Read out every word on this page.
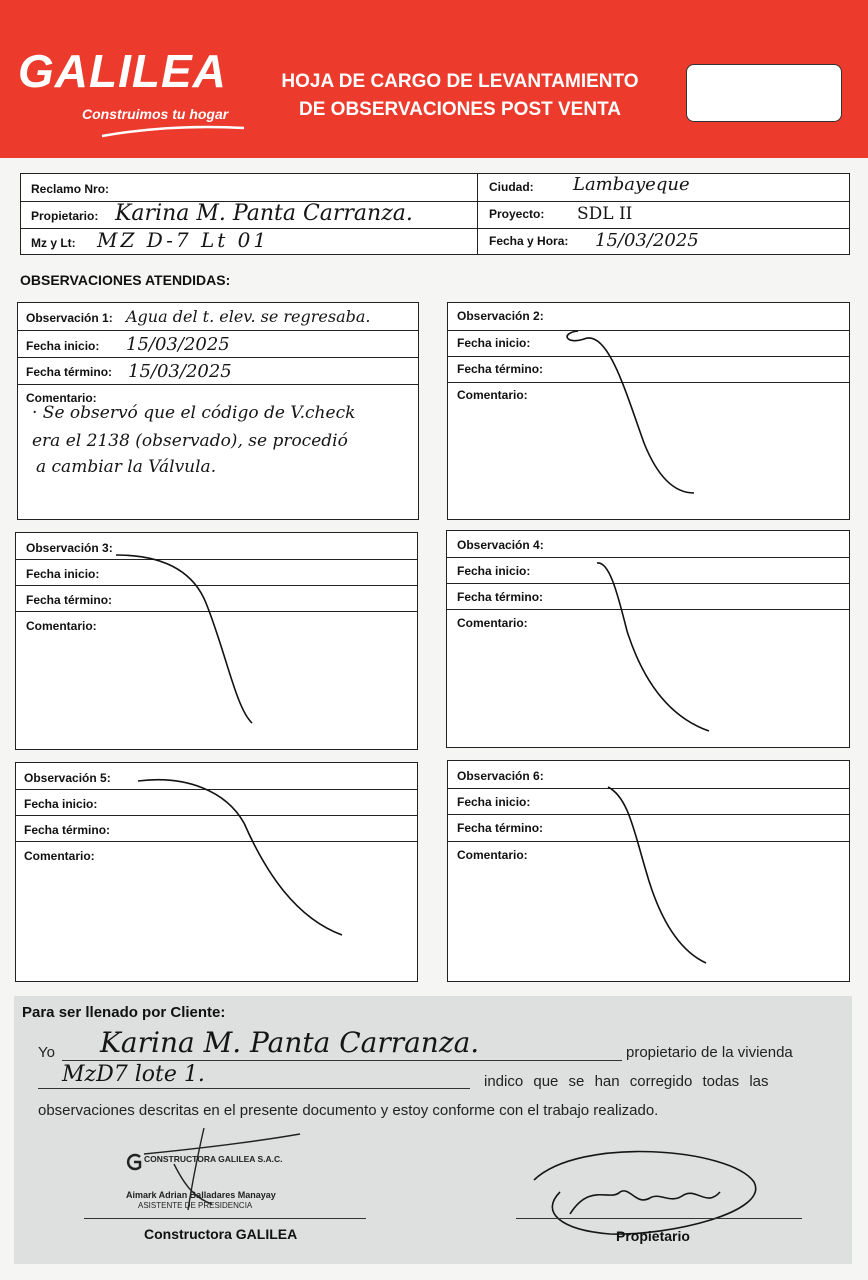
GALILEA
Construimos tu hogar
HOJA DE CARGO DE LEVANTAMIENTO
DE OBSERVACIONES POST VENTA
Reclamo Nro:
Propietario: Karina M. Panta Carranza.
Mz y Lt: MZ D-7 Lt 01
Ciudad: Lambayeque
Proyecto: SDL II
Fecha y Hora: 15/03/2025
OBSERVACIONES ATENDIDAS:
Observación 1: Agua del t. elev. se regresaba.
Fecha inicio: 15/03/2025
Fecha término: 15/03/2025
Comentario:
· Se observó que el código de V.check
era el 2138 (observado), se procedió
a cambiar la Válvula.
Observación 2:
Fecha inicio:
Fecha término:
Comentario:
Observación 3:
Fecha inicio:
Fecha término:
Comentario:
Observación 4:
Fecha inicio:
Fecha término:
Comentario:
Observación 5:
Fecha inicio:
Fecha término:
Comentario:
Observación 6:
Fecha inicio:
Fecha término:
Comentario:
Para ser llenado por Cliente:
Yo Karina M. Panta Carranza.	propietario de la vivienda
MzD7 lote 1.	indico que se han corregido todas las
observaciones descritas en el presente documento y estoy conforme con el trabajo realizado.
CONSTRUCTORA GALILEA S.A.C.
Aimark Adrian Balladares Manayay
ASISTENTE DE PRESIDENCIA
Constructora GALILEA	Propietario
